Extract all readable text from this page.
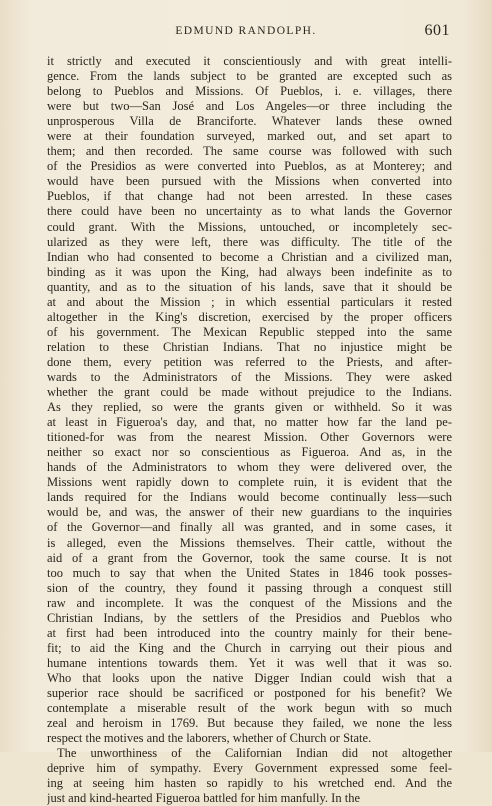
EDMUND RANDOLPH.	601
it strictly and executed it conscientiously and with great intelli-
gence. From the lands subject to be granted are excepted such as
belong to Pueblos and Missions. Of Pueblos, i. e. villages, there
were but two—San José and Los Angeles—or three including the
unprosperous Villa de Branciforte. Whatever lands these owned
were at their foundation surveyed, marked out, and set apart to
them; and then recorded. The same course was followed with such
of the Presidios as were converted into Pueblos, as at Monterey; and
would have been pursued with the Missions when converted into
Pueblos, if that change had not been arrested. In these cases
there could have been no uncertainty as to what lands the Governor
could grant. With the Missions, untouched, or incompletely sec-
ularized as they were left, there was difficulty. The title of the
Indian who had consented to become a Christian and a civilized man,
binding as it was upon the King, had always been indefinite as to
quantity, and as to the situation of his lands, save that it should be
at and about the Mission ; in which essential particulars it rested
altogether in the King's discretion, exercised by the proper officers
of his government. The Mexican Republic stepped into the same
relation to these Christian Indians. That no injustice might be
done them, every petition was referred to the Priests, and after-
wards to the Administrators of the Missions. They were asked
whether the grant could be made without prejudice to the Indians.
As they replied, so were the grants given or withheld. So it was
at least in Figueroa's day, and that, no matter how far the land pe-
titioned-for was from the nearest Mission. Other Governors were
neither so exact nor so conscientious as Figueroa. And as, in the
hands of the Administrators to whom they were delivered over, the
Missions went rapidly down to complete ruin, it is evident that the
lands required for the Indians would become continually less—such
would be, and was, the answer of their new guardians to the inquiries
of the Governor—and finally all was granted, and in some cases, it
is alleged, even the Missions themselves. Their cattle, without the
aid of a grant from the Governor, took the same course. It is not
too much to say that when the United States in 1846 took posses-
sion of the country, they found it passing through a conquest still
raw and incomplete. It was the conquest of the Missions and the
Christian Indians, by the settlers of the Presidios and Pueblos who
at first had been introduced into the country mainly for their bene-
fit; to aid the King and the Church in carrying out their pious and
humane intentions towards them. Yet it was well that it was so.
Who that looks upon the native Digger Indian could wish that a
superior race should be sacrificed or postponed for his benefit? We
contemplate a miserable result of the work begun with so much
zeal and heroism in 1769. But because they failed, we none the less
respect the motives and the laborers, whether of Church or State.
The unworthiness of the Californian Indian did not altogether
deprive him of sympathy. Every Government expressed some feel-
ing at seeing him hasten so rapidly to his wretched end. And the
just and kind-hearted Figueroa battled for him manfully. In the
